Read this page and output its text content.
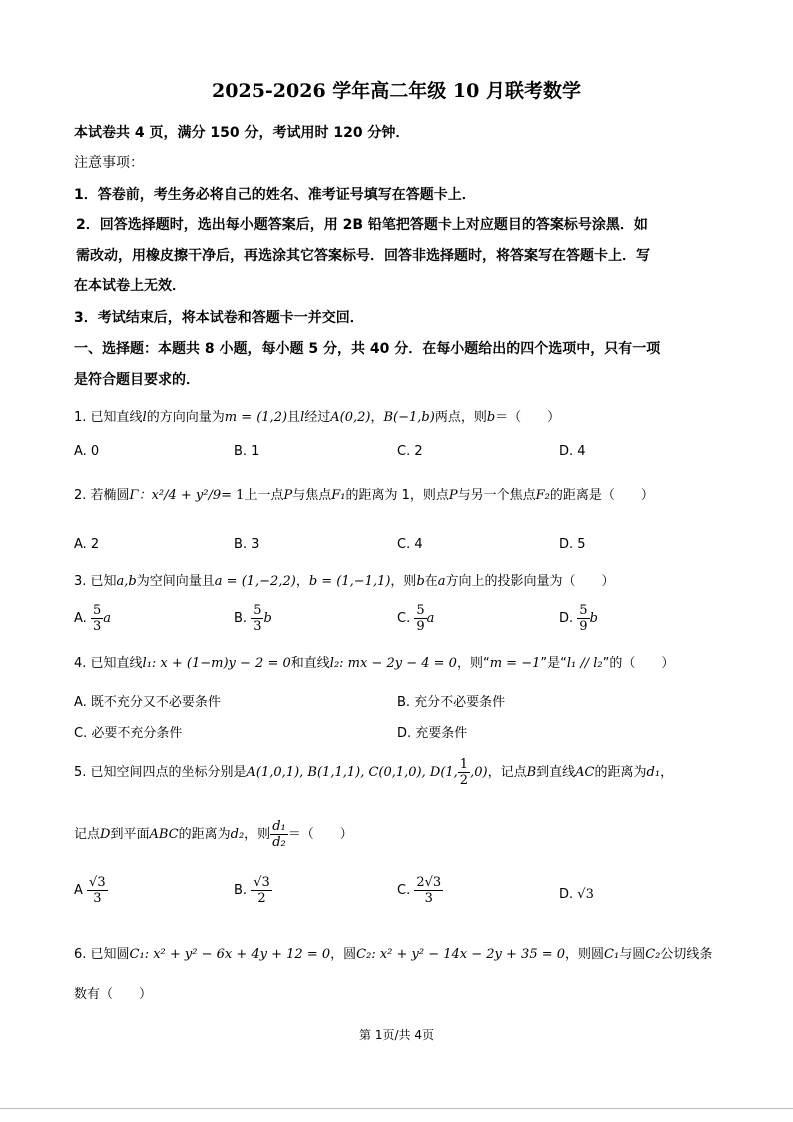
2025-2026 学年高二年级 10 月联考数学
本试卷共 4 页，满分 150 分，考试用时 120 分钟．
注意事项：
1．答卷前，考生务必将自己的姓名、准考证号填写在答题卡上．
2．回答选择题时，选出每小题答案后，用 2B 铅笔把答题卡上对应题目的答案标号涂黑．如
需改动，用橡皮擦干净后，再选涂其它答案标号．回答非选择题时，将答案写在答题卡上．写
在本试卷上无效．
3．考试结束后，将本试卷和答题卡一并交回．
一、选择题：本题共 8 小题，每小题 5 分，共 40 分．在每小题给出的四个选项中，只有一项
是符合题目要求的．
1. 已知直线l的方向向量为m = (1,2)且l经过A(0,2)，B(−1,b)两点，则b＝（　　）
A. 0	B. 1	C. 2	D. 4
2. 若椭圆Γ：x²/4 + y²/9= 1上一点P与焦点F₁的距离为 1，则点P与另一个焦点F₂的距离是（　　）
A. 2	B. 3	C. 4	D. 5
3. 已知a,b为空间向量且a = (1,−2,2)，b = (1,−1,1)，则b在a方向上的投影向量为（　　）
A. $\frac{5}{3}$ a	B. $\frac{5}{3}$ b	C. $\frac{5}{9}$ a	D. $\frac{5}{9}$ b
4. 已知直线l₁: x + (1−m)y − 2 = 0和直线l₂: mx − 2y − 4 = 0，则“m = −1”是“l₁ // l₂”的（　　）
A. 既不充分又不必要条件	B. 充分不必要条件
C. 必要不充分条件	D. 充要条件
5. 已知空间四点的坐标分别是A(1,0,1), B(1,1,1), C(0,1,0), D(1, $\frac{1}{2} ,0$)，记点B到直线AC的距离为d₁，
记点D到平面ABC的距离为d₂，则 $\frac{\text{d₁}}{\text{d₂}}$ ＝（　　）
A $\frac{√3}{3}$	B. $\frac{√3}{2}$	C. $\frac{2√3}{3}$	D. √3
6. 已知圆C₁: x² + y² − 6x + 4y + 12 = 0，圆C₂: x² + y² − 14x − 2y + 35 = 0，则圆C₁与圆C₂公切线条
数有（　　）
第 1页/共 4页
